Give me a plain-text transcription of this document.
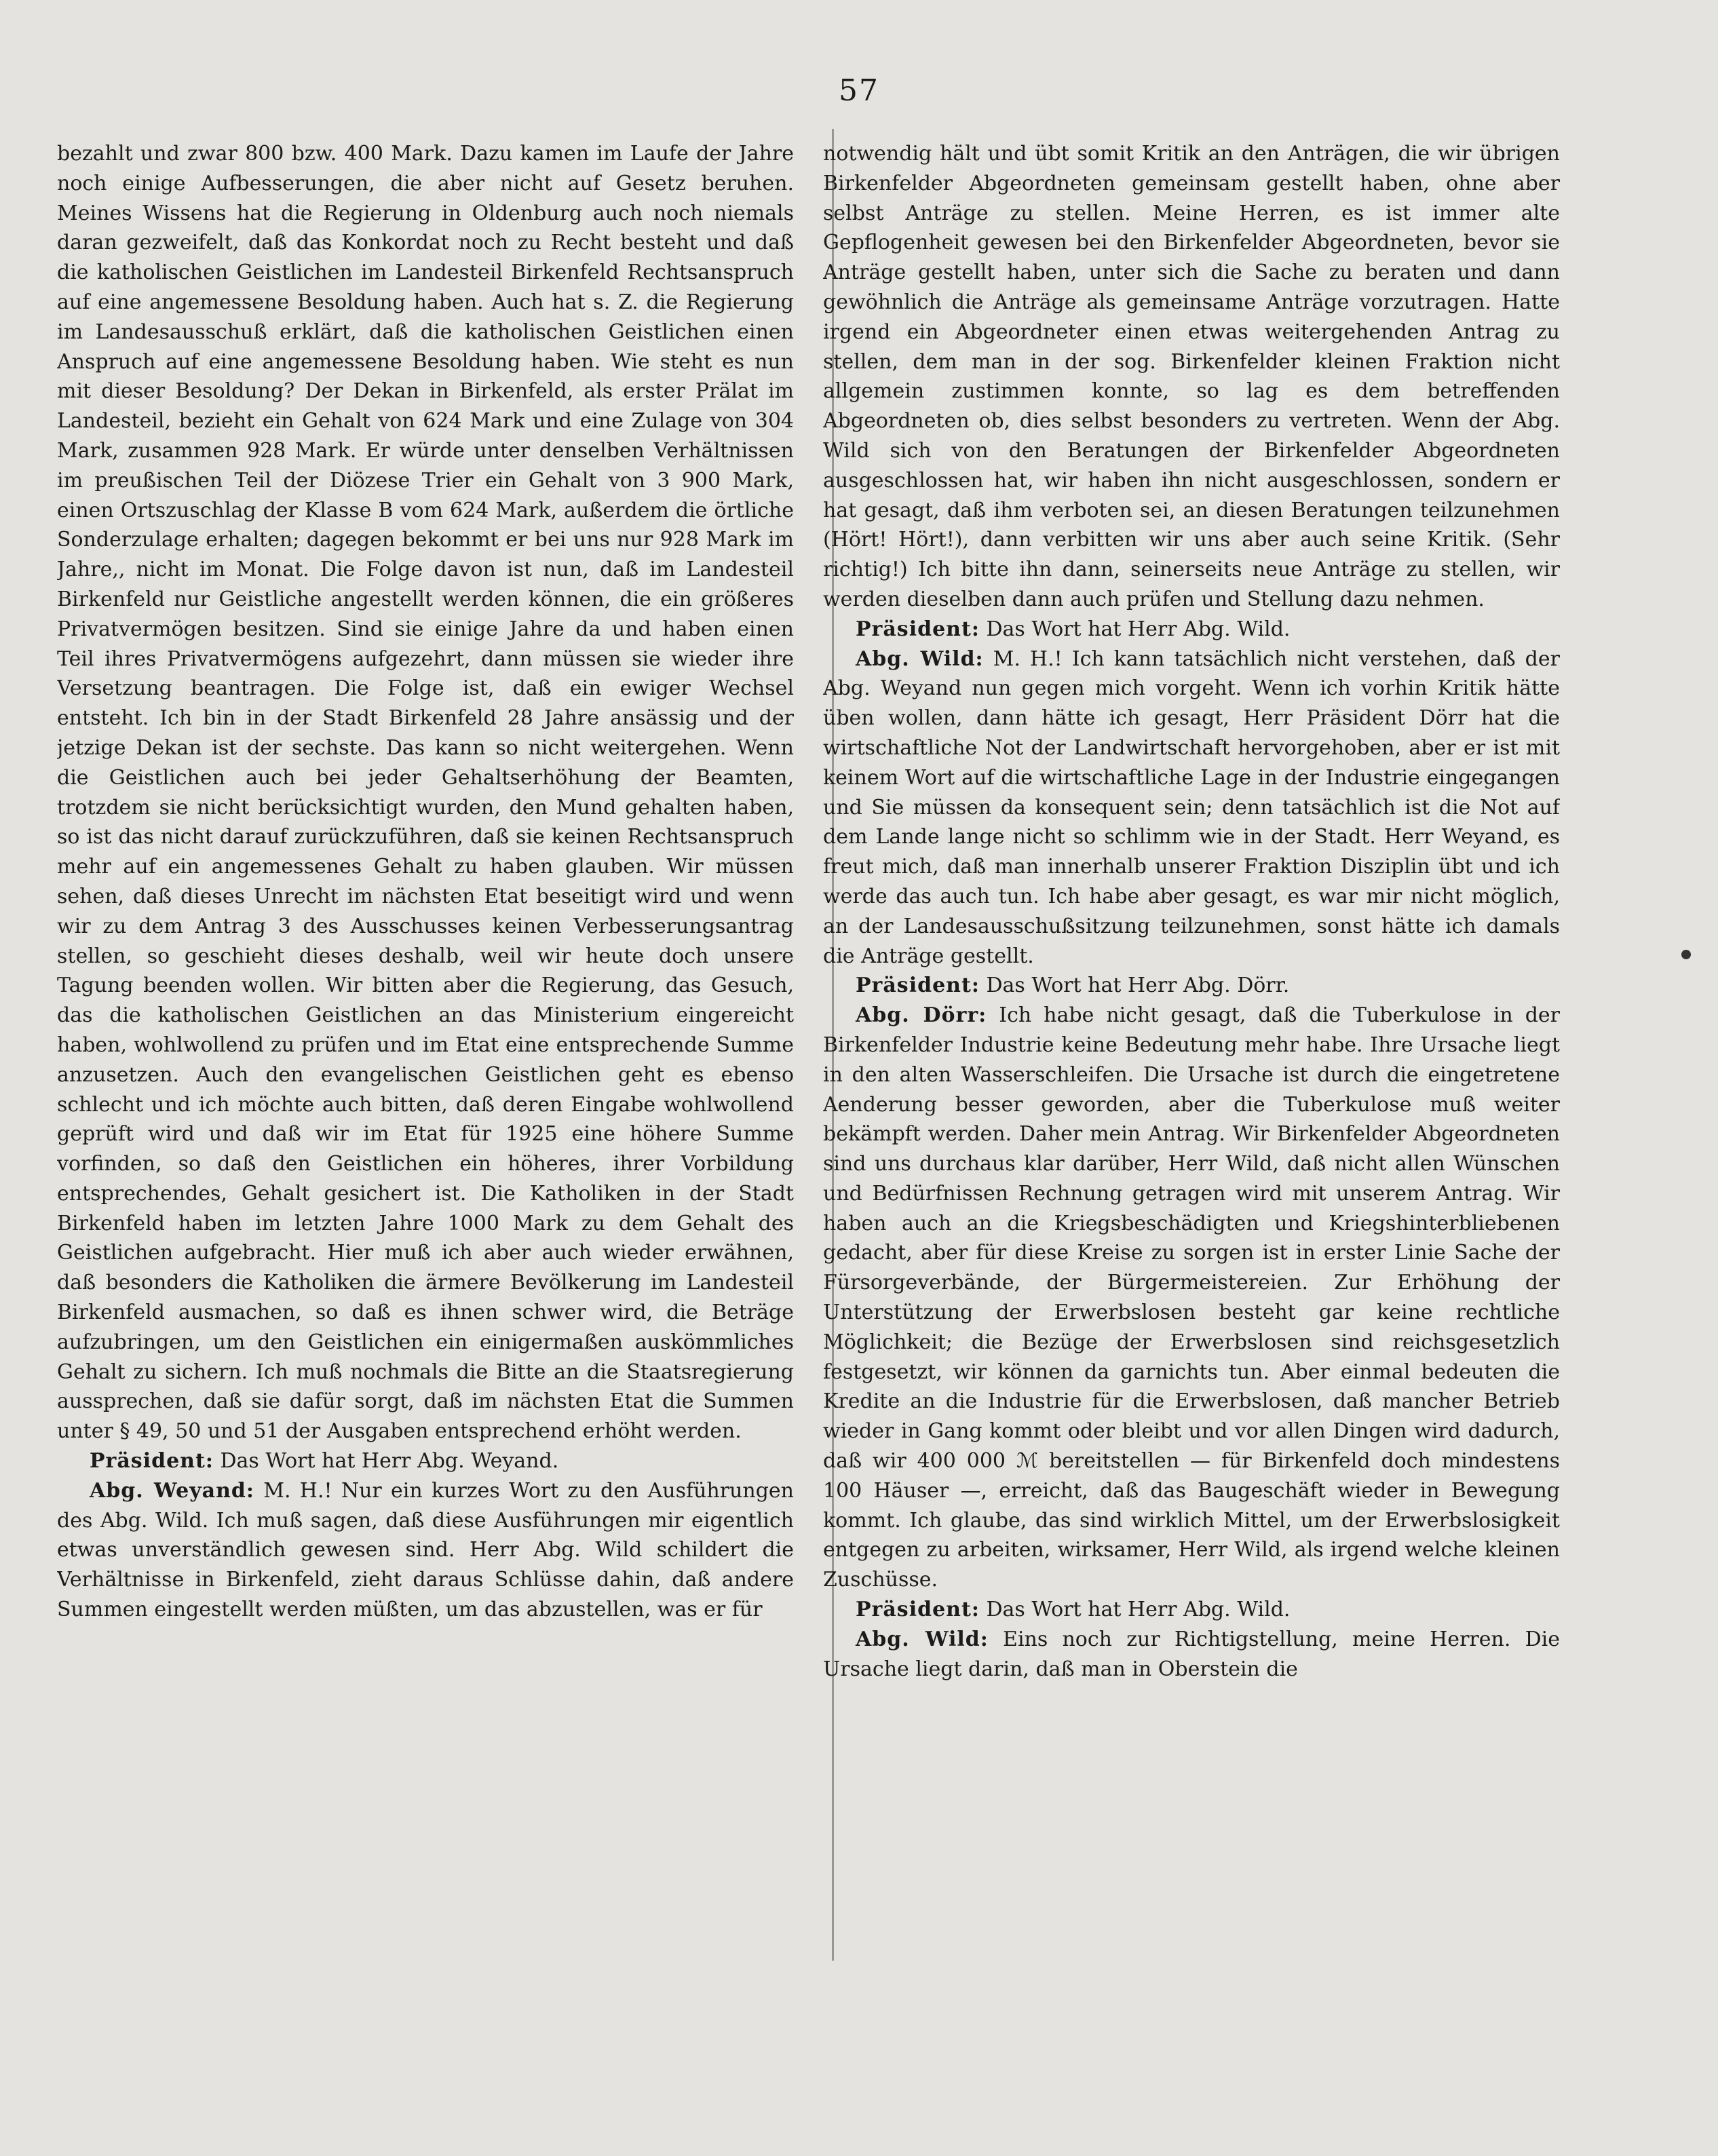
57

bezahlt und zwar 800 bzw. 400 Mark. Dazu kamen im Laufe der Jahre noch einige Aufbesserungen, die aber nicht auf Gesetz beruhen. Meines Wissens hat die Regierung in Oldenburg auch noch niemals daran gezweifelt, daß das Konkordat noch zu Recht besteht und daß die katholischen Geistlichen im Landesteil Birkenfeld Rechtsanspruch auf eine angemessene Besoldung haben. Auch hat s. Z. die Regierung im Landesausschuß erklärt, daß die katholischen Geistlichen einen Anspruch auf eine angemessene Besoldung haben. Wie steht es nun mit dieser Besoldung? Der Dekan in Birkenfeld, als erster Prälat im Landesteil, bezieht ein Gehalt von 624 Mark und eine Zulage von 304 Mark, zusammen 928 Mark. Er würde unter denselben Verhältnissen im preußischen Teil der Diözese Trier ein Gehalt von 3 900 Mark, einen Ortszuschlag der Klasse B vom 624 Mark, außerdem die örtliche Sonderzulage erhalten; dagegen bekommt er bei uns nur 928 Mark im Jahre,, nicht im Monat. Die Folge davon ist nun, daß im Landesteil Birkenfeld nur Geistliche angestellt werden können, die ein größeres Privatvermögen besitzen. Sind sie einige Jahre da und haben einen Teil ihres Privatvermögens aufgezehrt, dann müssen sie wieder ihre Versetzung beantragen. Die Folge ist, daß ein ewiger Wechsel entsteht. Ich bin in der Stadt Birkenfeld 28 Jahre ansässig und der jetzige Dekan ist der sechste. Das kann so nicht weitergehen. Wenn die Geistlichen auch bei jeder Gehaltserhöhung der Beamten, trotzdem sie nicht berücksichtigt wurden, den Mund gehalten haben, so ist das nicht darauf zurückzuführen, daß sie keinen Rechtsanspruch mehr auf ein angemessenes Gehalt zu haben glauben. Wir müssen sehen, daß dieses Unrecht im nächsten Etat beseitigt wird und wenn wir zu dem Antrag 3 des Ausschusses keinen Verbesserungsantrag stellen, so geschieht dieses deshalb, weil wir heute doch unsere Tagung beenden wollen. Wir bitten aber die Regierung, das Gesuch, das die katholischen Geistlichen an das Ministerium eingereicht haben, wohlwollend zu prüfen und im Etat eine entsprechende Summe anzusetzen. Auch den evangelischen Geistlichen geht es ebenso schlecht und ich möchte auch bitten, daß deren Eingabe wohlwollend geprüft wird und daß wir im Etat für 1925 eine höhere Summe vorfinden, so daß den Geistlichen ein höheres, ihrer Vorbildung entsprechendes, Gehalt gesichert ist. Die Katholiken in der Stadt Birkenfeld haben im letzten Jahre 1000 Mark zu dem Gehalt des Geistlichen aufgebracht. Hier muß ich aber auch wieder erwähnen, daß besonders die Katholiken die ärmere Bevölkerung im Landesteil Birkenfeld ausmachen, so daß es ihnen schwer wird, die Beträge aufzubringen, um den Geistlichen ein einigermaßen auskömmliches Gehalt zu sichern. Ich muß nochmals die Bitte an die Staatsregierung aussprechen, daß sie dafür sorgt, daß im nächsten Etat die Summen unter § 49, 50 und 51 der Ausgaben entsprechend erhöht werden.

Präsident: Das Wort hat Herr Abg. Weyand.

Abg. Weyand: M. H.! Nur ein kurzes Wort zu den Ausführungen des Abg. Wild. Ich muß sagen, daß diese Ausführungen mir eigentlich etwas unverständlich gewesen sind. Herr Abg. Wild schildert die Verhältnisse in Birkenfeld, zieht daraus Schlüsse dahin, daß andere Summen eingestellt werden müßten, um das abzustellen, was er für

notwendig hält und übt somit Kritik an den Anträgen, die wir übrigen Birkenfelder Abgeordneten gemeinsam gestellt haben, ohne aber selbst Anträge zu stellen. Meine Herren, es ist immer alte Gepflogenheit gewesen bei den Birkenfelder Abgeordneten, bevor sie Anträge gestellt haben, unter sich die Sache zu beraten und dann gewöhnlich die Anträge als gemeinsame Anträge vorzutragen. Hatte irgend ein Abgeordneter einen etwas weitergehenden Antrag zu stellen, dem man in der sog. Birkenfelder kleinen Fraktion nicht allgemein zustimmen konnte, so lag es dem betreffenden Abgeordneten ob, dies selbst besonders zu vertreten. Wenn der Abg. Wild sich von den Beratungen der Birkenfelder Abgeordneten ausgeschlossen hat, wir haben ihn nicht ausgeschlossen, sondern er hat gesagt, daß ihm verboten sei, an diesen Beratungen teilzunehmen (Hört! Hört!), dann verbitten wir uns aber auch seine Kritik. (Sehr richtig!) Ich bitte ihn dann, seinerseits neue Anträge zu stellen, wir werden dieselben dann auch prüfen und Stellung dazu nehmen.

Präsident: Das Wort hat Herr Abg. Wild.

Abg. Wild: M. H.! Ich kann tatsächlich nicht verstehen, daß der Abg. Weyand nun gegen mich vorgeht. Wenn ich vorhin Kritik hätte üben wollen, dann hätte ich gesagt, Herr Präsident Dörr hat die wirtschaftliche Not der Landwirtschaft hervorgehoben, aber er ist mit keinem Wort auf die wirtschaftliche Lage in der Industrie eingegangen und Sie müssen da konsequent sein; denn tatsächlich ist die Not auf dem Lande lange nicht so schlimm wie in der Stadt. Herr Weyand, es freut mich, daß man innerhalb unserer Fraktion Disziplin übt und ich werde das auch tun. Ich habe aber gesagt, es war mir nicht möglich, an der Landesausschußsitzung teilzunehmen, sonst hätte ich damals die Anträge gestellt.

Präsident: Das Wort hat Herr Abg. Dörr.

Abg. Dörr: Ich habe nicht gesagt, daß die Tuberkulose in der Birkenfelder Industrie keine Bedeutung mehr habe. Ihre Ursache liegt in den alten Wasserschleifen. Die Ursache ist durch die eingetretene Aenderung besser geworden, aber die Tuberkulose muß weiter bekämpft werden. Daher mein Antrag. Wir Birkenfelder Abgeordneten sind uns durchaus klar darüber, Herr Wild, daß nicht allen Wünschen und Bedürfnissen Rechnung getragen wird mit unserem Antrag. Wir haben auch an die Kriegsbeschädigten und Kriegshinterbliebenen gedacht, aber für diese Kreise zu sorgen ist in erster Linie Sache der Fürsorgeverbände, der Bürgermeistereien. Zur Erhöhung der Unterstützung der Erwerbslosen besteht gar keine rechtliche Möglichkeit; die Bezüge der Erwerbslosen sind reichsgesetzlich festgesetzt, wir können da garnichts tun. Aber einmal bedeuten die Kredite an die Industrie für die Erwerbslosen, daß mancher Betrieb wieder in Gang kommt oder bleibt und vor allen Dingen wird dadurch, daß wir 400 000 ℳ bereitstellen — für Birkenfeld doch mindestens 100 Häuser —, erreicht, daß das Baugeschäft wieder in Bewegung kommt. Ich glaube, das sind wirklich Mittel, um der Erwerbslosigkeit entgegen zu arbeiten, wirksamer, Herr Wild, als irgend welche kleinen Zuschüsse.

Präsident: Das Wort hat Herr Abg. Wild.

Abg. Wild: Eins noch zur Richtigstellung, meine Herren. Die Ursache liegt darin, daß man in Oberstein die
